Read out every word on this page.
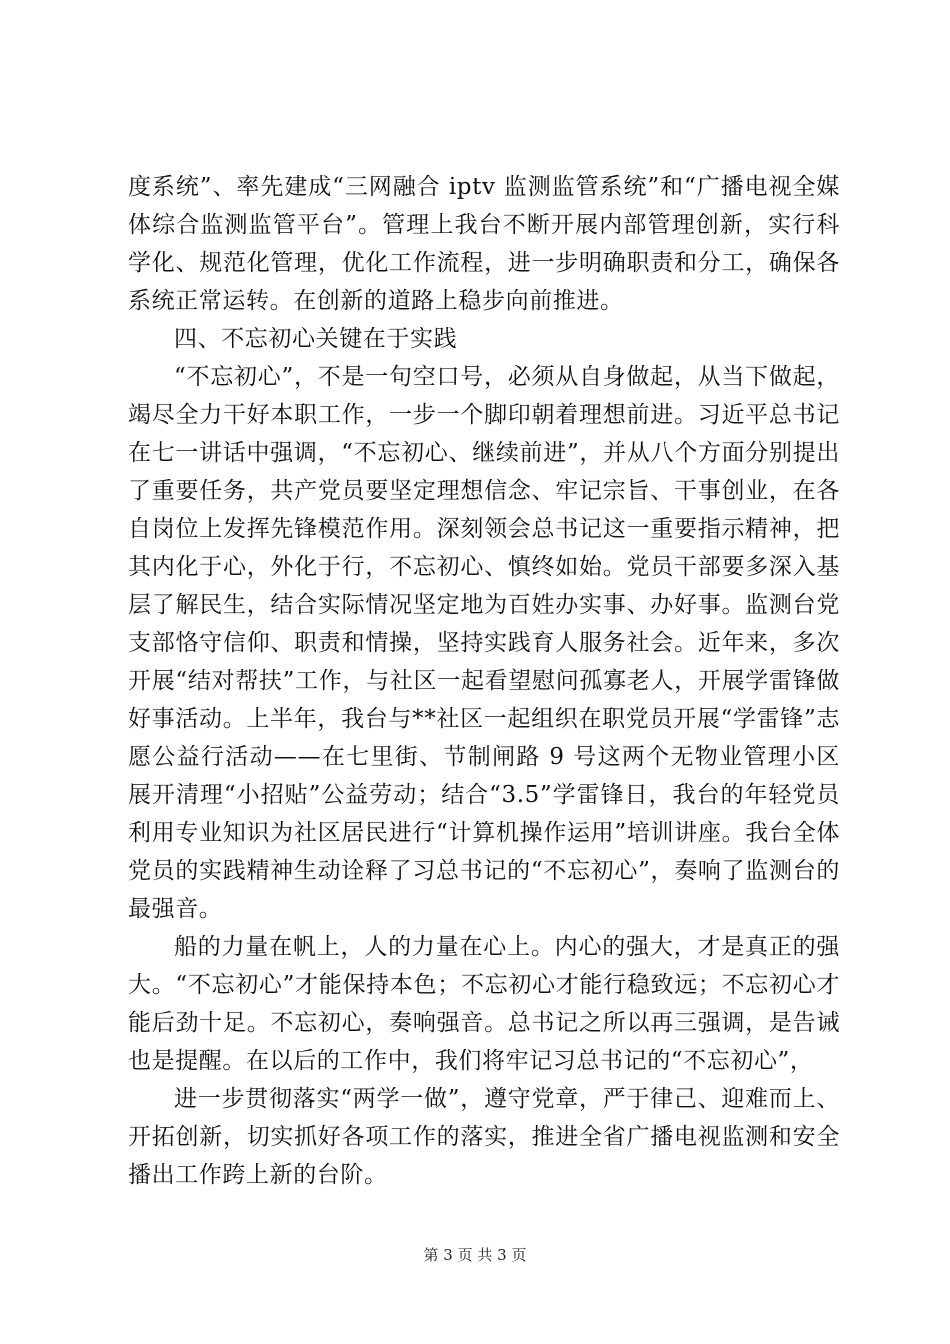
度系统”、率先建成“三网融合 iptv 监测监管系统”和“广播电视全媒体综合监测监管平台”。管理上我台不断开展内部管理创新，实行科学化、规范化管理，优化工作流程，进一步明确职责和分工，确保各系统正常运转。在创新的道路上稳步向前推进。

四、不忘初心关键在于实践

“不忘初心”，不是一句空口号，必须从自身做起，从当下做起，竭尽全力干好本职工作，一步一个脚印朝着理想前进。习近平总书记在七一讲话中强调，“不忘初心、继续前进”，并从八个方面分别提出了重要任务，共产党员要坚定理想信念、牢记宗旨、干事创业，在各自岗位上发挥先锋模范作用。深刻领会总书记这一重要指示精神，把其内化于心，外化于行，不忘初心、慎终如始。党员干部要多深入基层了解民生，结合实际情况坚定地为百姓办实事、办好事。监测台党支部恪守信仰、职责和情操，坚持实践育人服务社会。近年来，多次开展“结对帮扶”工作，与社区一起看望慰问孤寡老人，开展学雷锋做好事活动。上半年，我台与**社区一起组织在职党员开展“学雷锋”志愿公益行活动——在七里街、节制闸路 9 号这两个无物业管理小区展开清理“小招贴”公益劳动；结合“3.5”学雷锋日，我台的年轻党员利用专业知识为社区居民进行“计算机操作运用”培训讲座。我台全体党员的实践精神生动诠释了习总书记的“不忘初心”，奏响了监测台的最强音。

船的力量在帆上，人的力量在心上。内心的强大，才是真正的强大。“不忘初心”才能保持本色；不忘初心才能行稳致远；不忘初心才能后劲十足。不忘初心，奏响强音。总书记之所以再三强调，是告诫也是提醒。在以后的工作中，我们将牢记习总书记的“不忘初心”，

进一步贯彻落实“两学一做”，遵守党章，严于律己、迎难而上、开拓创新，切实抓好各项工作的落实，推进全省广播电视监测和安全播出工作跨上新的台阶。

第 3 页 共 3 页
